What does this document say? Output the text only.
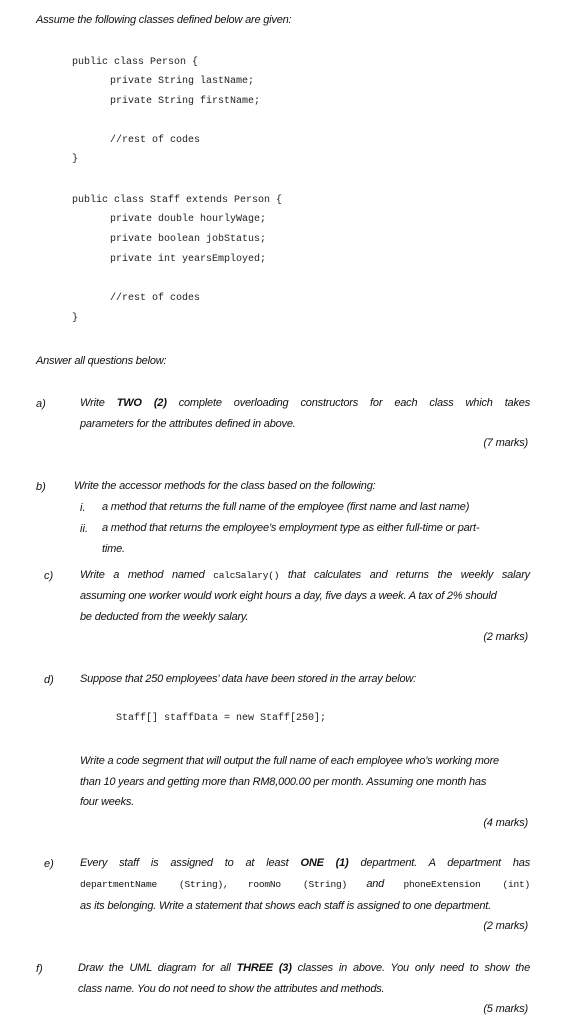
Assume the following classes defined below are given:
public class Person {
private String lastName;
private String firstName;
//rest of codes
}
public class Staff extends Person {
private double hourlyWage;
private boolean jobStatus;
private int yearsEmployed;
//rest of codes
}
Answer all questions below:
a)	Write TWO (2) complete overloading constructors for each class which takes
parameters for the attributes defined in above.
(7 marks)
b)	Write the accessor methods for the class based on the following:
i. a method that returns the full name of the employee (first name and last name)
ii. a method that returns the employee’s employment type as either full-time or part-
time.
c) Write a method named calcSalary() that calculates and returns the weekly salary
assuming one worker would work eight hours a day, five days a week. A tax of 2% should
be deducted from the weekly salary.
(2 marks)
d) Suppose that 250 employees’ data have been stored in the array below:
Staff[] staffData = new Staff[250];
Write a code segment that will output the full name of each employee who’s working more
than 10 years and getting more than RM8,000.00 per month. Assuming one month has
four weeks.
(4 marks)
e) Every staff is assigned to at least ONE (1) department. A department has
departmentName (String), roomNo (String) and phoneExtension (int)
as its belonging. Write a statement that shows each staff is assigned to one department.
(2 marks)
f)	Draw the UML diagram for all THREE (3) classes in above. You only need to show the
class name. You do not need to show the attributes and methods.
(5 marks)
